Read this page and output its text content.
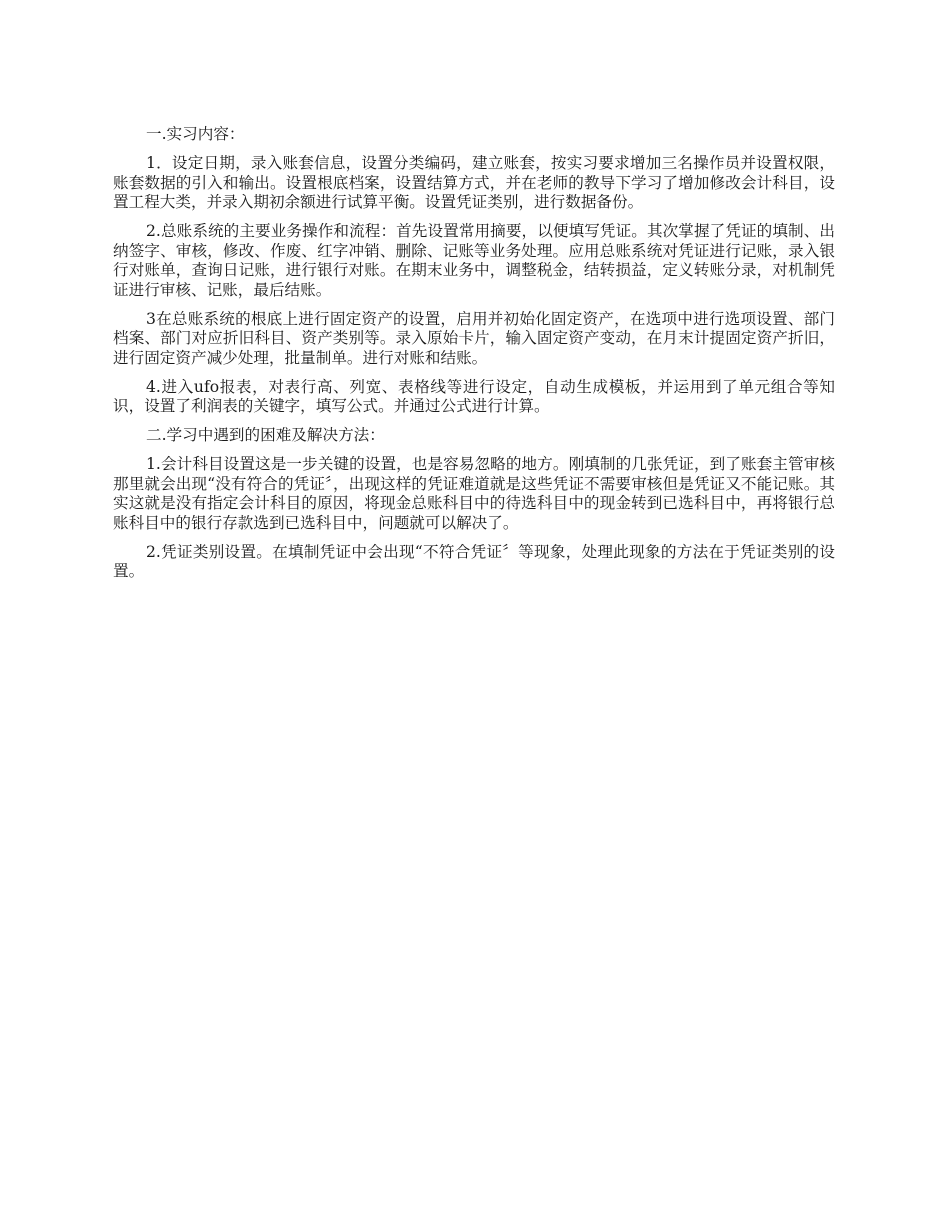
一.实习内容：

1．设定日期，录入账套信息，设置分类编码，建立账套，按实习要求增加三名操作员并设置权限，账套数据的引入和输出。设置根底档案，设置结算方式，并在老师的教导下学习了增加修改会计科目，设置工程大类，并录入期初余额进行试算平衡。设置凭证类别，进行数据备份。

2.总账系统的主要业务操作和流程：首先设置常用摘要，以便填写凭证。其次掌握了凭证的填制、出纳签字、审核，修改、作废、红字冲销、删除、记账等业务处理。应用总账系统对凭证进行记账，录入银行对账单，查询日记账，进行银行对账。在期末业务中，调整税金，结转损益，定义转账分录，对机制凭证进行审核、记账，最后结账。

3在总账系统的根底上进行固定资产的设置，启用并初始化固定资产，在选项中进行选项设置、部门档案、部门对应折旧科目、资产类别等。录入原始卡片，输入固定资产变动，在月末计提固定资产折旧，进行固定资产减少处理，批量制单。进行对账和结账。

4.进入ufo报表，对表行高、列宽、表格线等进行设定，自动生成模板，并运用到了单元组合等知识，设置了利润表的关键字，填写公式。并通过公式进行计算。

二.学习中遇到的困难及解决方法：

1.会计科目设置这是一步关键的设置，也是容易忽略的地方。刚填制的几张凭证，到了账套主管审核那里就会出现“没有符合的凭证〞，出现这样的凭证难道就是这些凭证不需要审核但是凭证又不能记账。其实这就是没有指定会计科目的原因，将现金总账科目中的待选科目中的现金转到已选科目中，再将银行总账科目中的银行存款选到已选科目中，问题就可以解决了。

2.凭证类别设置。在填制凭证中会出现“不符合凭证〞等现象，处理此现象的方法在于凭证类别的设置。
